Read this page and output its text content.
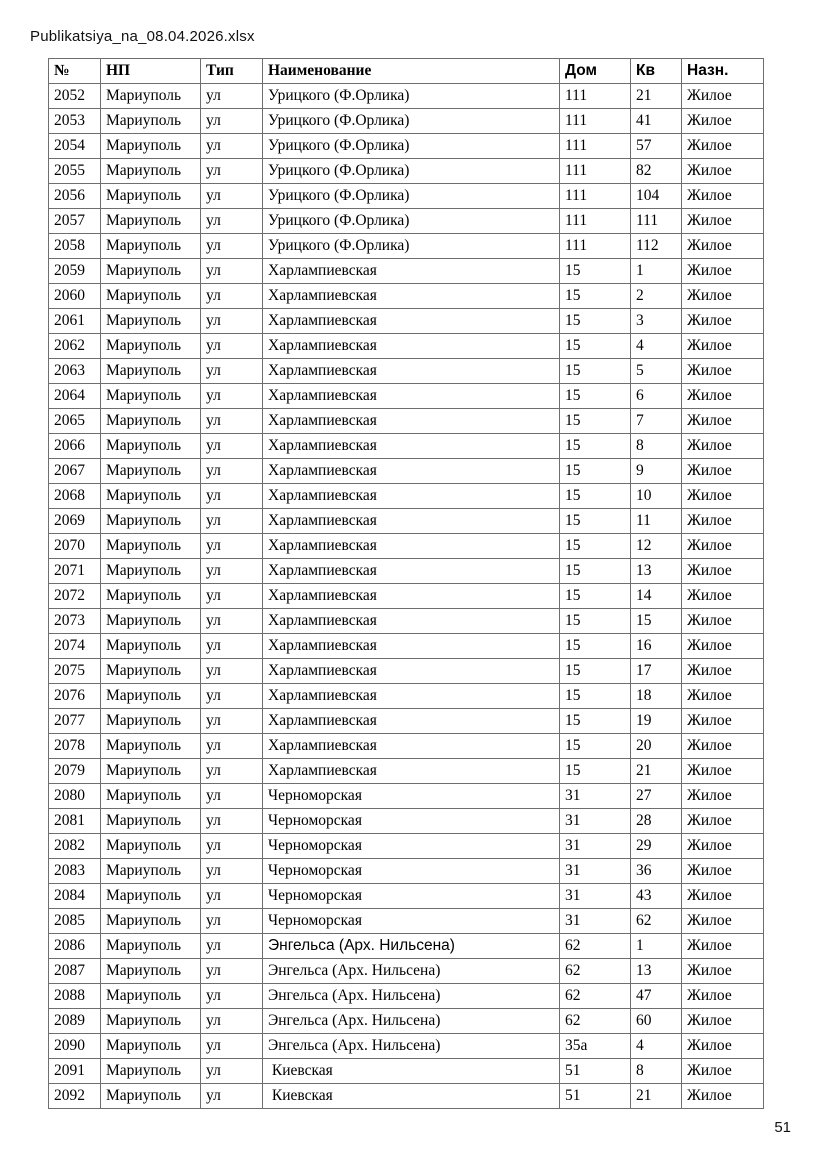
Publikatsiya_na_08.04.2026.xlsx
№	НП	Тип	Наименование	Дом	Кв	Назн.
2052	Мариуполь	ул	Урицкого (Ф.Орлика)	111	21	Жилое
2053	Мариуполь	ул	Урицкого (Ф.Орлика)	111	41	Жилое
2054	Мариуполь	ул	Урицкого (Ф.Орлика)	111	57	Жилое
2055	Мариуполь	ул	Урицкого (Ф.Орлика)	111	82	Жилое
2056	Мариуполь	ул	Урицкого (Ф.Орлика)	111	104	Жилое
2057	Мариуполь	ул	Урицкого (Ф.Орлика)	111	111	Жилое
2058	Мариуполь	ул	Урицкого (Ф.Орлика)	111	112	Жилое
2059	Мариуполь	ул	Харлампиевская	15	1	Жилое
2060	Мариуполь	ул	Харлампиевская	15	2	Жилое
2061	Мариуполь	ул	Харлампиевская	15	3	Жилое
2062	Мариуполь	ул	Харлампиевская	15	4	Жилое
2063	Мариуполь	ул	Харлампиевская	15	5	Жилое
2064	Мариуполь	ул	Харлампиевская	15	6	Жилое
2065	Мариуполь	ул	Харлампиевская	15	7	Жилое
2066	Мариуполь	ул	Харлампиевская	15	8	Жилое
2067	Мариуполь	ул	Харлампиевская	15	9	Жилое
2068	Мариуполь	ул	Харлампиевская	15	10	Жилое
2069	Мариуполь	ул	Харлампиевская	15	11	Жилое
2070	Мариуполь	ул	Харлампиевская	15	12	Жилое
2071	Мариуполь	ул	Харлампиевская	15	13	Жилое
2072	Мариуполь	ул	Харлампиевская	15	14	Жилое
2073	Мариуполь	ул	Харлампиевская	15	15	Жилое
2074	Мариуполь	ул	Харлампиевская	15	16	Жилое
2075	Мариуполь	ул	Харлампиевская	15	17	Жилое
2076	Мариуполь	ул	Харлампиевская	15	18	Жилое
2077	Мариуполь	ул	Харлампиевская	15	19	Жилое
2078	Мариуполь	ул	Харлампиевская	15	20	Жилое
2079	Мариуполь	ул	Харлампиевская	15	21	Жилое
2080	Мариуполь	ул	Черноморская	31	27	Жилое
2081	Мариуполь	ул	Черноморская	31	28	Жилое
2082	Мариуполь	ул	Черноморская	31	29	Жилое
2083	Мариуполь	ул	Черноморская	31	36	Жилое
2084	Мариуполь	ул	Черноморская	31	43	Жилое
2085	Мариуполь	ул	Черноморская	31	62	Жилое
2086	Мариуполь	ул	Энгельса (Арх. Нильсена)	62	1	Жилое
2087	Мариуполь	ул	Энгельса (Арх. Нильсена)	62	13	Жилое
2088	Мариуполь	ул	Энгельса (Арх. Нильсена)	62	47	Жилое
2089	Мариуполь	ул	Энгельса (Арх. Нильсена)	62	60	Жилое
2090	Мариуполь	ул	Энгельса (Арх. Нильсена)	35а	4	Жилое
2091	Мариуполь	ул	Киевская	51	8	Жилое
2092	Мариуполь	ул	Киевская	51	21	Жилое
51
